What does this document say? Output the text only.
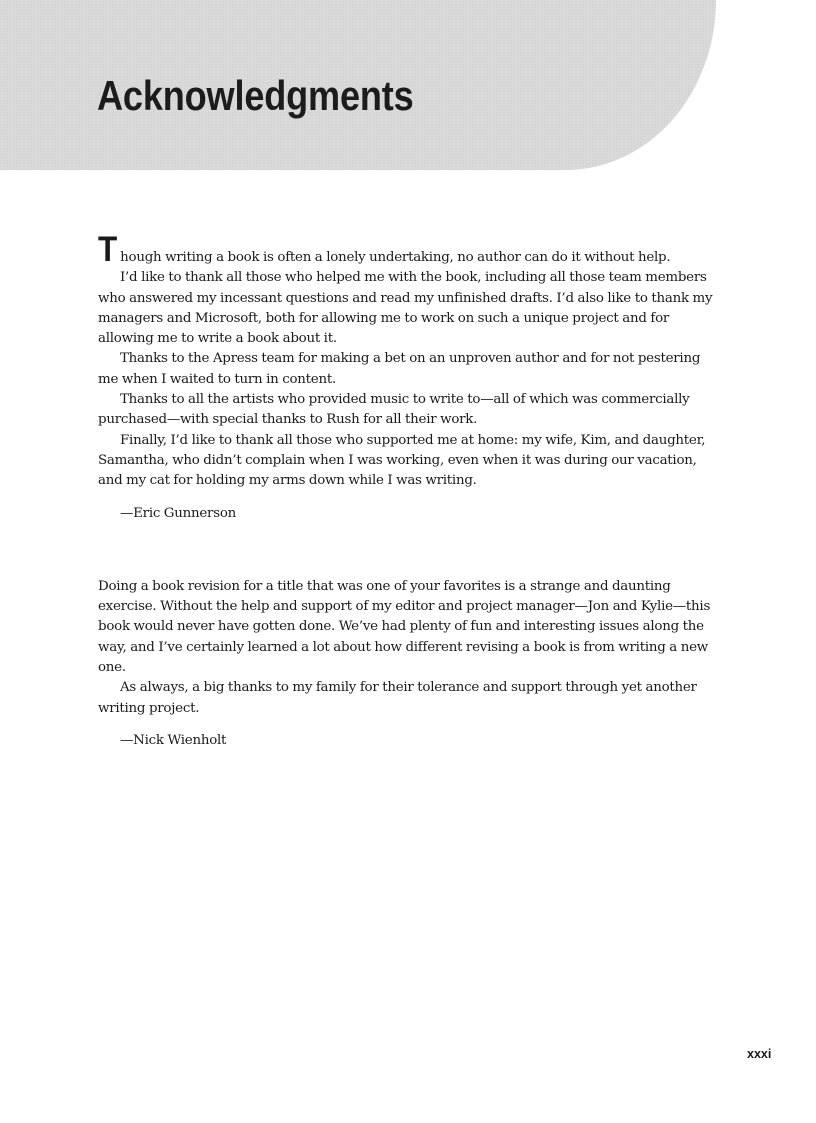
Acknowledgments

Though writing a book is often a lonely undertaking, no author can do it without help.

I’d like to thank all those who helped me with the book, including all those team members who answered my incessant questions and read my unfinished drafts. I’d also like to thank my managers and Microsoft, both for allowing me to work on such a unique project and for allowing me to write a book about it.

Thanks to the Apress team for making a bet on an unproven author and for not pestering me when I waited to turn in content.

Thanks to all the artists who provided music to write to—all of which was commercially purchased—with special thanks to Rush for all their work.

Finally, I’d like to thank all those who supported me at home: my wife, Kim, and daughter, Samantha, who didn’t complain when I was working, even when it was during our vacation, and my cat for holding my arms down while I was writing.

—Eric Gunnerson

Doing a book revision for a title that was one of your favorites is a strange and daunting exercise. Without the help and support of my editor and project manager—Jon and Kylie—this book would never have gotten done. We’ve had plenty of fun and interesting issues along the way, and I’ve certainly learned a lot about how different revising a book is from writing a new one.

As always, a big thanks to my family for their tolerance and support through yet another writing project.

—Nick Wienholt

xxxi
